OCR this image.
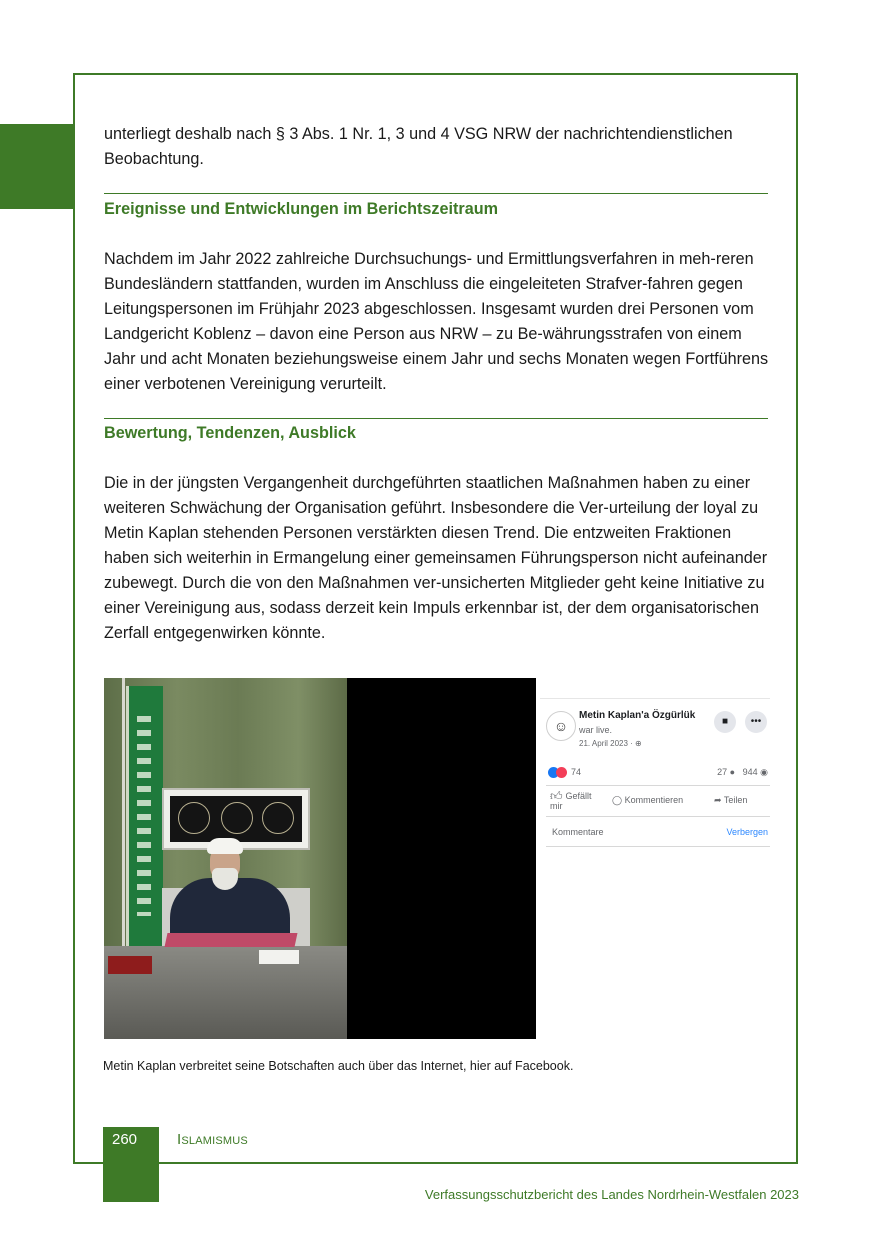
unterliegt deshalb nach § 3 Abs. 1 Nr. 1, 3 und 4 VSG NRW der nachrichtendienstlichen Beobachtung.

Ereignisse und Entwicklungen im Berichtszeitraum

Nachdem im Jahr 2022 zahlreiche Durchsuchungs- und Ermittlungsverfahren in meh-reren Bundesländern stattfanden, wurden im Anschluss die eingeleiteten Strafver-fahren gegen Leitungspersonen im Frühjahr 2023 abgeschlossen. Insgesamt wurden drei Personen vom Landgericht Koblenz – davon eine Person aus NRW – zu Be-währungsstrafen von einem Jahr und acht Monaten beziehungsweise einem Jahr und sechs Monaten wegen Fortführens einer verbotenen Vereinigung verurteilt.

Bewertung, Tendenzen, Ausblick

Die in der jüngsten Vergangenheit durchgeführten staatlichen Maßnahmen haben zu einer weiteren Schwächung der Organisation geführt. Insbesondere die Ver-urteilung der loyal zu Metin Kaplan stehenden Personen verstärkten diesen Trend. Die entzweiten Fraktionen haben sich weiterhin in Ermangelung einer gemeinsamen Führungsperson nicht aufeinander zubewegt. Durch die von den Maßnahmen ver-unsicherten Mitglieder geht keine Initiative zu einer Vereinigung aus, sodass derzeit kein Impuls erkennbar ist, der dem organisatorischen Zerfall entgegenwirken könnte.

☺
Metin Kaplan'a Özgürlük
war live.
21. April 2023 · ⊕
■	•••
74	27 ● 944 ◉
👍︎ Gefällt mir
◯ Kommentieren	➦ Teilen
Kommentare	Verbergen

Metin Kaplan verbreitet seine Botschaften auch über das Internet, hier auf Facebook.

260	Islamismus
Verfassungsschutzbericht des Landes Nordrhein-Westfalen 2023
